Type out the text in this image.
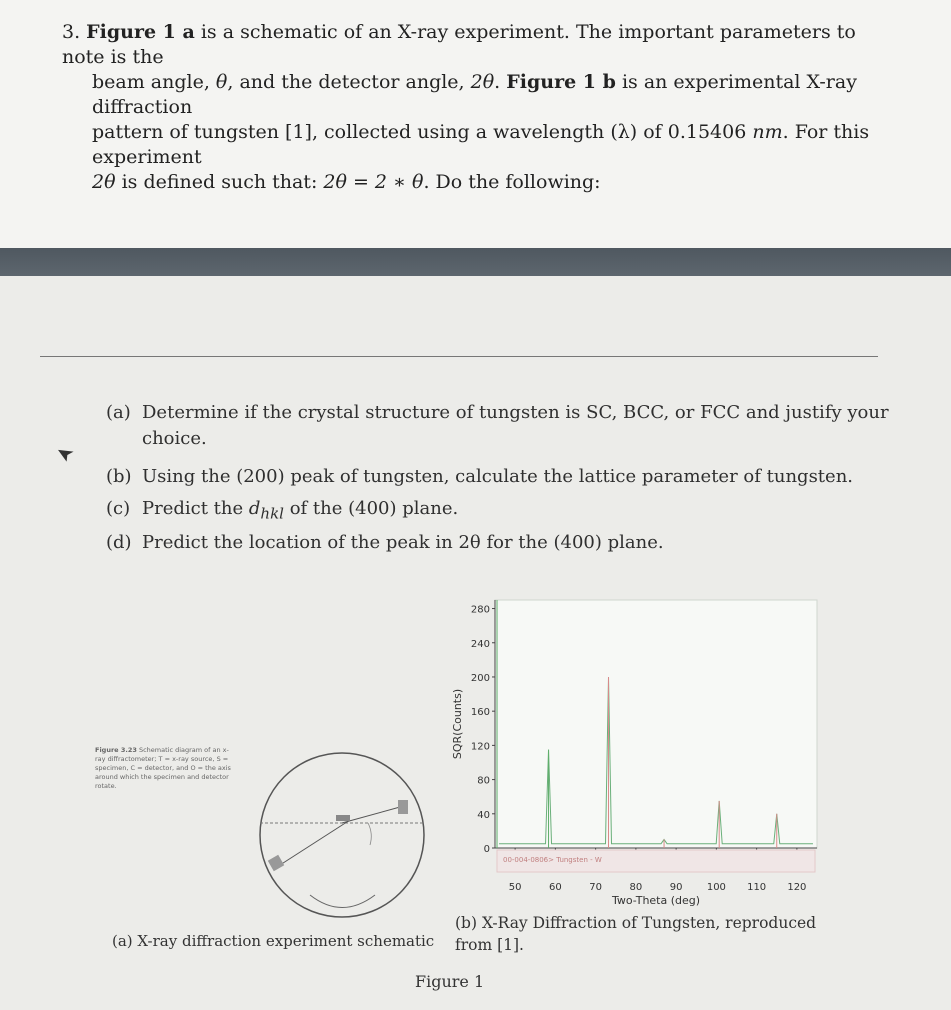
3. Figure 1 a is a schematic of an X-ray experiment. The important parameters to note is the
beam angle, θ, and the detector angle, 2θ. Figure 1 b is an experimental X-ray diffraction
pattern of tungsten [1], collected using a wavelength (λ) of 0.15406 nm. For this experiment
2θ is defined such that: 2θ = 2 ∗ θ. Do the following:
(a) Determine if the crystal structure of tungsten is SC, BCC, or FCC and justify your
choice.
(b) Using the (200) peak of tungsten, calculate the lattice parameter of tungsten.
(c) Predict the $d_{hkl}$ of the (400) plane.
(d) Predict the location of the peak in 2θ for the (400) plane.
Figure 3.23 Schematic diagram of an x-ray diffractometer; T = x-ray source, S = specimen, C = detector, and O = the axis around which the specimen and detector rotate.
0
40
80
120
160
200
240
280
50	60	70	80	90 100 110 120
00-004-0806> Tungsten - W
SQR(Counts)
Two-Theta (deg)
(a) X-ray diffraction experiment schematic
(b) X-Ray Diffraction of Tungsten, reproduced from [1].
Figure 1
